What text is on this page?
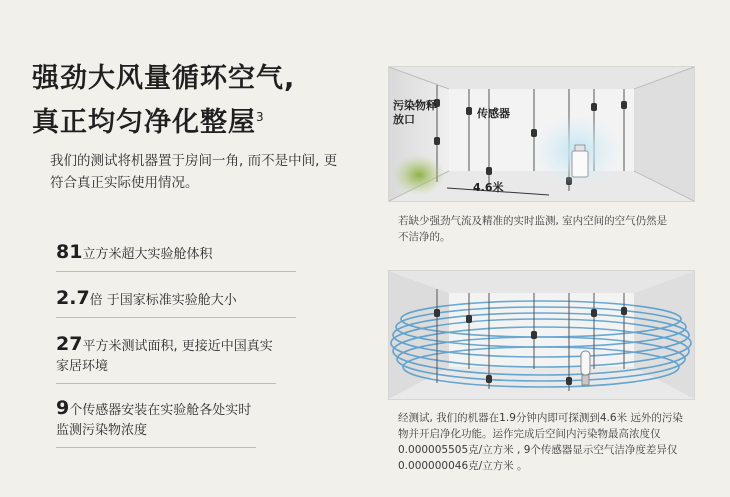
强劲大风量循环空气,
真正均匀净化整屋$^3$
我们的测试将机器置于房间一角, 而不是中间, 更符合真正实际使用情况。
81立方米超大实验舱体积
2.7倍 于国家标准实验舱大小
27平方米测试面积, 更接近中国真实家居环境
9个传感器安装在实验舱各处实时监测污染物浓度
污染物释放口	传感器
4.6米
若缺少强劲气流及精准的实时监测, 室内空间的空气仍然是不洁净的。
经测试, 我们的机器在1.9分钟内即可探测到4.6米 远外的污染物并开启净化功能。运作完成后空间内污染物最高浓度仅0.000005505克/立方米 , 9个传感器显示空气洁净度差异仅0.000000046克/立方米 。
